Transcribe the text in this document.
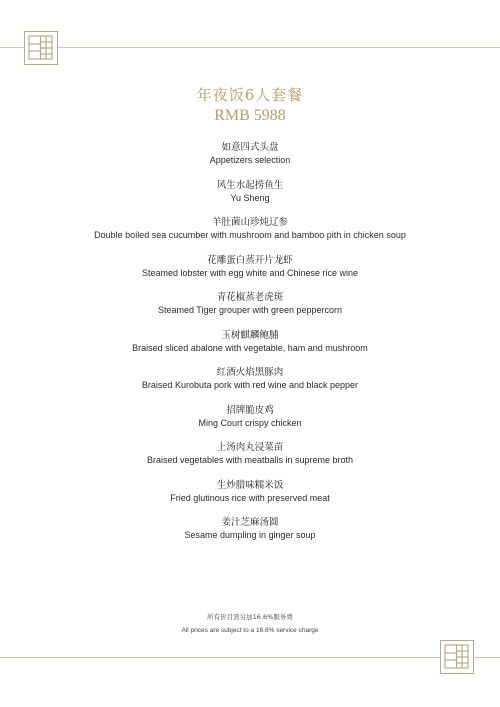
年夜饭6人套餐
RMB 5988
如意四式头盘
Appetizers selection
风生水起捞鱼生
Yu Sheng
羊肚菌山珍炖辽参
Double boiled sea cucumber with mushroom and bamboo pith in chicken soup
花雕蛋白蒸开片龙虾
Steamed lobster with egg white and Chinese rice wine
青花椒蒸老虎斑
Steamed Tiger grouper with green peppercorn
玉树麒麟鲍脯
Braised sliced abalone with vegetable, ham and mushroom
红酒火焰黑豚肉
Braised Kurobuta pork with red wine and black pepper
招牌脆皮鸡
Ming Court crispy chicken
上汤肉丸浸菜苗
Braised vegetables with meatballs in supreme broth
生炒腊味糯米饭
Fried glutinous rice with preserved meat
姜汁芝麻汤圆
Sesame dumpling in ginger soup
所有价目需另加16.6%服务费
All prices are subject to a 16.6% service charge
